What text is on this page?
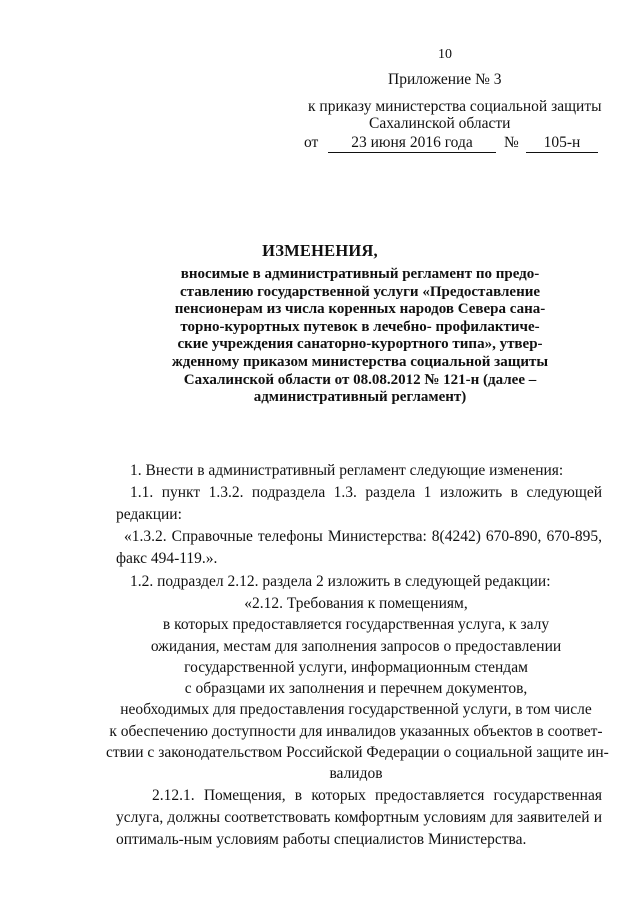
10
Приложение № 3
к приказу министерства социальной защиты
Сахалинской области
от	23 июня 2016 года	№	105-н
ИЗМЕНЕНИЯ,
вносимые в административный регламент по предо-
ставлению государственной услуги «Предоставление
пенсионерам из числа коренных народов Севера сана-
торно-курортных путевок в лечебно- профилактиче-
ские учреждения санаторно-курортного типа», утвер-
жденному приказом министерства социальной защиты
Сахалинской области от 08.08.2012 № 121-н (далее –
административный регламент)
1. Внести в административный регламент следующие изменения:
1.1. пункт 1.3.2. подраздела 1.3. раздела 1 изложить в следующей редакции:
«1.3.2. Справочные телефоны Министерства: 8(4242) 670-890, 670-895, факс 494-119.».
1.2. подраздел 2.12. раздела 2 изложить в следующей редакции:
«2.12. Требования к помещениям,
в которых предоставляется государственная услуга, к залу
ожидания, местам для заполнения запросов о предоставлении
государственной услуги, информационным стендам
с образцами их заполнения и перечнем документов,
необходимых для предоставления государственной услуги, в том числе
к обеспечению доступности для инвалидов указанных объектов в соответ-
ствии с законодательством Российской Федерации о социальной защите ин-
валидов
2.12.1. Помещения, в которых предоставляется государственная услуга, должны соответствовать комфортным условиям для заявителей и оптималь-ным условиям работы специалистов Министерства.
